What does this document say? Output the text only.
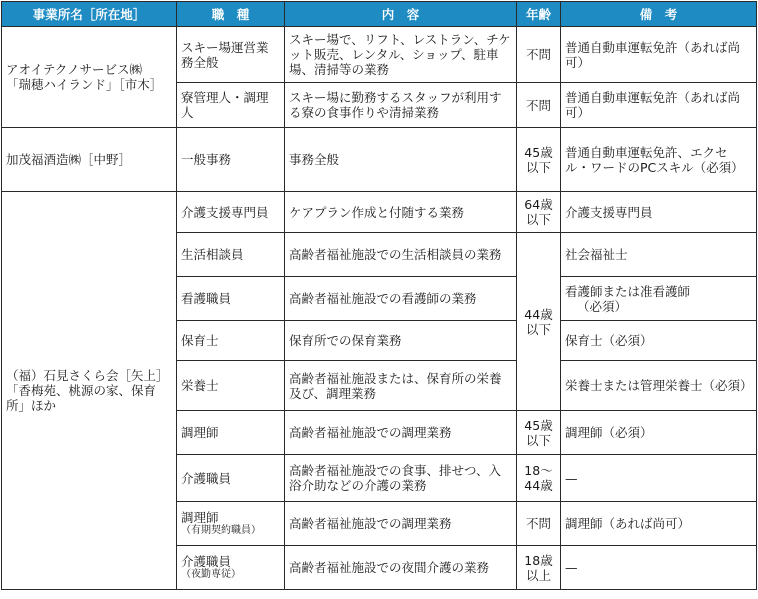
事業所名［所在地］	職　種	内　容	年齢	備　考

アオイテクノサービス㈱
「瑞穂ハイランド」［市木］	スキー場運営業務全般	スキー場で、リフト、レストラン、チケット販売、レンタル、ショップ、駐車場、清掃等の業務	不問	普通自動車運転免許（あれば尚可）
	寮管理人・調理人	スキー場に勤務するスタッフが利用する寮の食事作りや清掃業務	不問	普通自動車運転免許（あれば尚可）

加茂福酒造㈱［中野］	一般事務	事務全般	45歳以下	普通自動車運転免許、エクセル・ワードのPCスキル（必須）

（福）石見さくら会［矢上］
「香梅苑、桃源の家、保育所」ほか	介護支援専門員	ケアプラン作成と付随する業務	64歳以下	介護支援専門員
	生活相談員	高齢者福祉施設での生活相談員の業務	44歳以下	社会福祉士
	看護職員	高齢者福祉施設での看護師の業務		看護師または准看護師
（必須）

	保育士	保育所での保育業務		保育士（必須）
	栄養士	高齢者福祉施設または、保育所の栄養及び、調理業務		栄養士または管理栄養士（必須）
	調理師	高齢者福祉施設での調理業務	45歳以下	調理師（必須）
	介護職員	高齢者福祉施設での食事、排せつ、入浴介助などの介護の業務	18〜44歳	—

	調理師
（有期契約職員）	高齢者福祉施設での調理業務	不問	調理師（あれば尚可）

	介護職員
（夜勤専従）	高齢者福祉施設での夜間介護の業務	18歳以上	—
